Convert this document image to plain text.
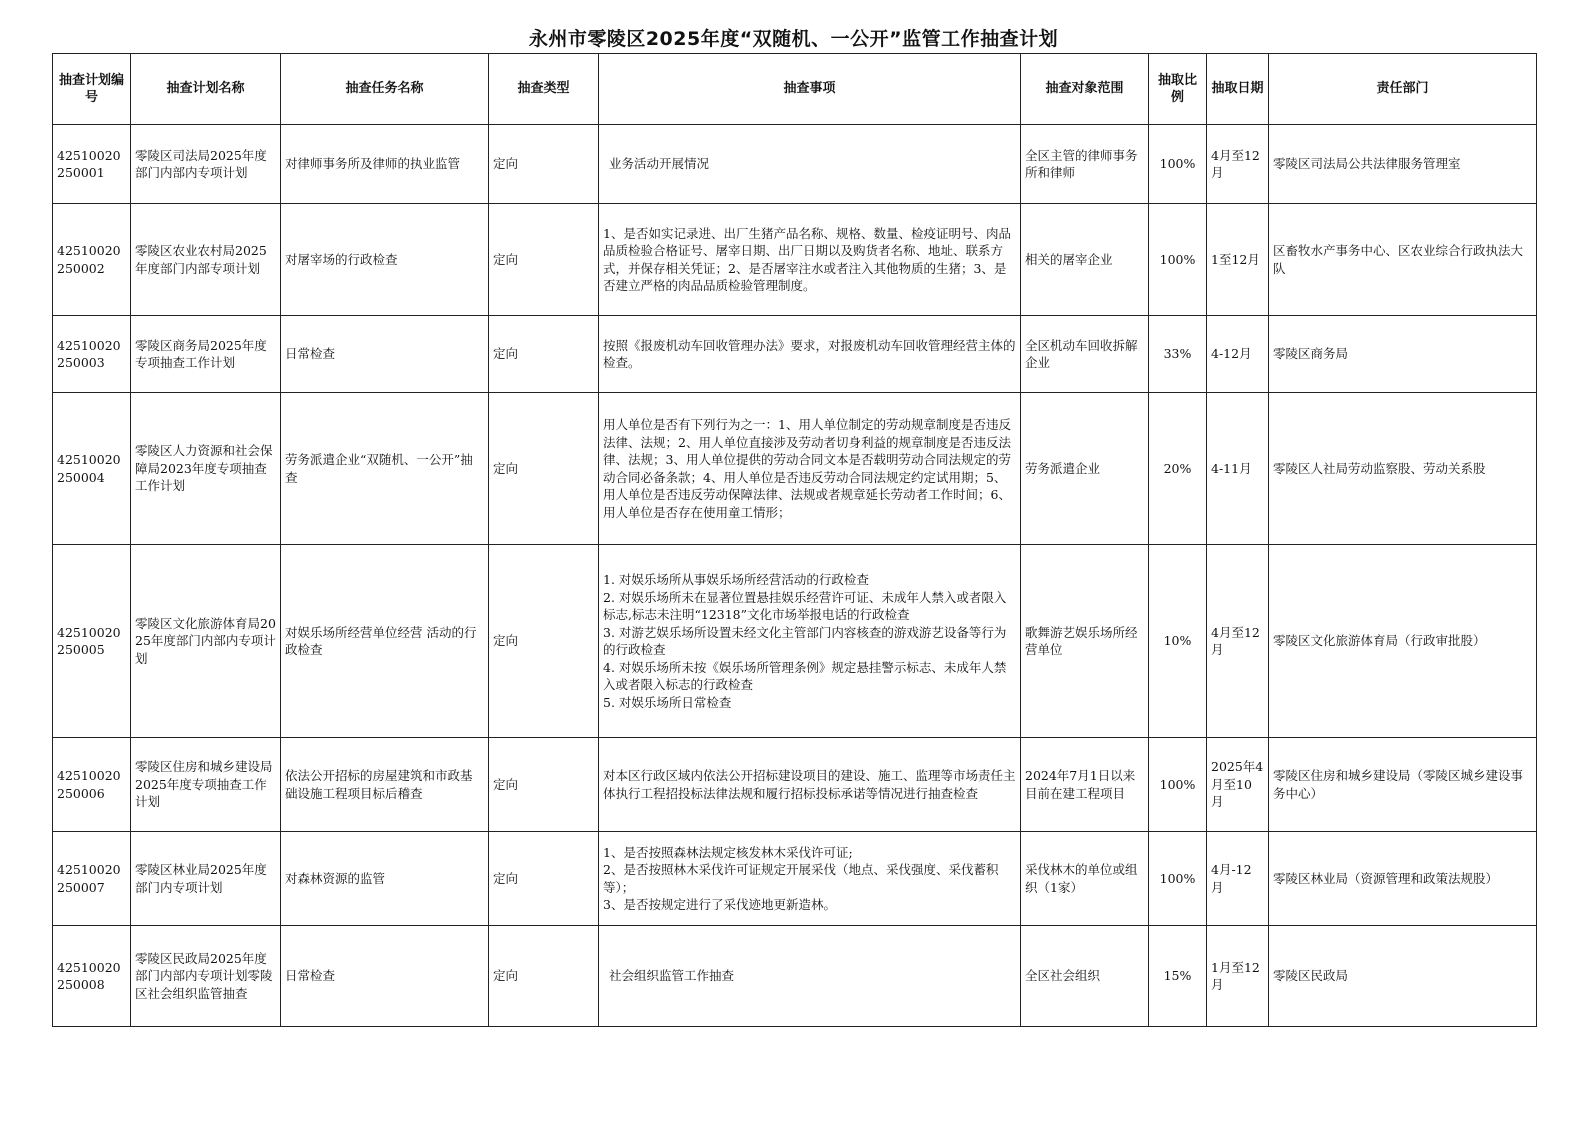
永州市零陵区2025年度“双随机、一公开”监管工作抽查计划
抽查计划编号	抽查计划名称	抽查任务名称	抽查类型	抽查事项	抽查对象范围	抽取比例	抽取日期	责任部门
42510020250001	零陵区司法局2025年度部门内部内专项计划	对律师事务所及律师的执业监管	定向	业务活动开展情况	全区主管的律师事务所和律师	100%	4月至12月	零陵区司法局公共法律服务管理室
42510020250002	零陵区农业农村局2025年度部门内部专项计划	对屠宰场的行政检查	定向	1、是否如实记录进、出厂生猪产品名称、规格、数量、检疫证明号、肉品品质检验合格证号、屠宰日期、出厂日期以及购货者名称、地址、联系方式，并保存相关凭证；2、是否屠宰注水或者注入其他物质的生猪；3、是否建立严格的肉品品质检验管理制度。	相关的屠宰企业	100%	1至12月	区畜牧水产事务中心、区农业综合行政执法大队
42510020250003	零陵区商务局2025年度专项抽查工作计划	日常检查	定向	按照《报废机动车回收管理办法》要求，对报废机动车回收管理经营主体的检查。	全区机动车回收拆解企业	33%	4-12月	零陵区商务局
42510020250004	零陵区人力资源和社会保障局2023年度专项抽查工作计划	劳务派遣企业“双随机、一公开”抽查	定向	用人单位是否有下列行为之一：1、用人单位制定的劳动规章制度是否违反法律、法规；2、用人单位直接涉及劳动者切身利益的规章制度是否违反法律、法规；3、用人单位提供的劳动合同文本是否载明劳动合同法规定的劳动合同必备条款；4、用人单位是否违反劳动合同法规定约定试用期；5、用人单位是否违反劳动保障法律、法规或者规章延长劳动者工作时间；6、用人单位是否存在使用童工情形；	劳务派遣企业	20%	4-11月	零陵区人社局劳动监察股、劳动关系股
42510020250005	零陵区文化旅游体育局2025年度部门内部内专项计划	对娱乐场所经营单位经营 活动的行政检查	定向	1. 对娱乐场所从事娱乐场所经营活动的行政检查
2. 对娱乐场所未在显著位置悬挂娱乐经营许可证、未成年人禁入或者限入标志,标志未注明“12318”文化市场举报电话的行政检查
3. 对游艺娱乐场所设置未经文化主管部门内容核查的游戏游艺设备等行为的行政检查
4. 对娱乐场所未按《娱乐场所管理条例》规定悬挂警示标志、未成年人禁入或者限入标志的行政检查
5. 对娱乐场所日常检查	歌舞游艺娱乐场所经营单位	10%	4月至12月	零陵区文化旅游体育局（行政审批股）
42510020250006	零陵区住房和城乡建设局2025年度专项抽查工作计划	依法公开招标的房屋建筑和市政基础设施工程项目标后稽查	定向	对本区行政区域内依法公开招标建设项目的建设、施工、监理等市场责任主体执行工程招投标法律法规和履行招标投标承诺等情况进行抽查检查	2024年7月1日以来目前在建工程项目	100%	2025年4月至10月	零陵区住房和城乡建设局（零陵区城乡建设事务中心）
42510020250007	零陵区林业局2025年度部门内专项计划	对森林资源的监管	定向	1、是否按照森林法规定核发林木采伐许可证;
2、是否按照林木采伐许可证规定开展采伐（地点、采伐强度、采伐蓄积等）；
3、是否按规定进行了采伐迹地更新造林。	采伐林木的单位或组织（1家）	100%	4月-12月	零陵区林业局（资源管理和政策法规股）
42510020250008	零陵区民政局2025年度部门内部内专项计划零陵区社会组织监管抽查	日常检查	定向	社会组织监管工作抽查	全区社会组织	15%	1月至12月	零陵区民政局
